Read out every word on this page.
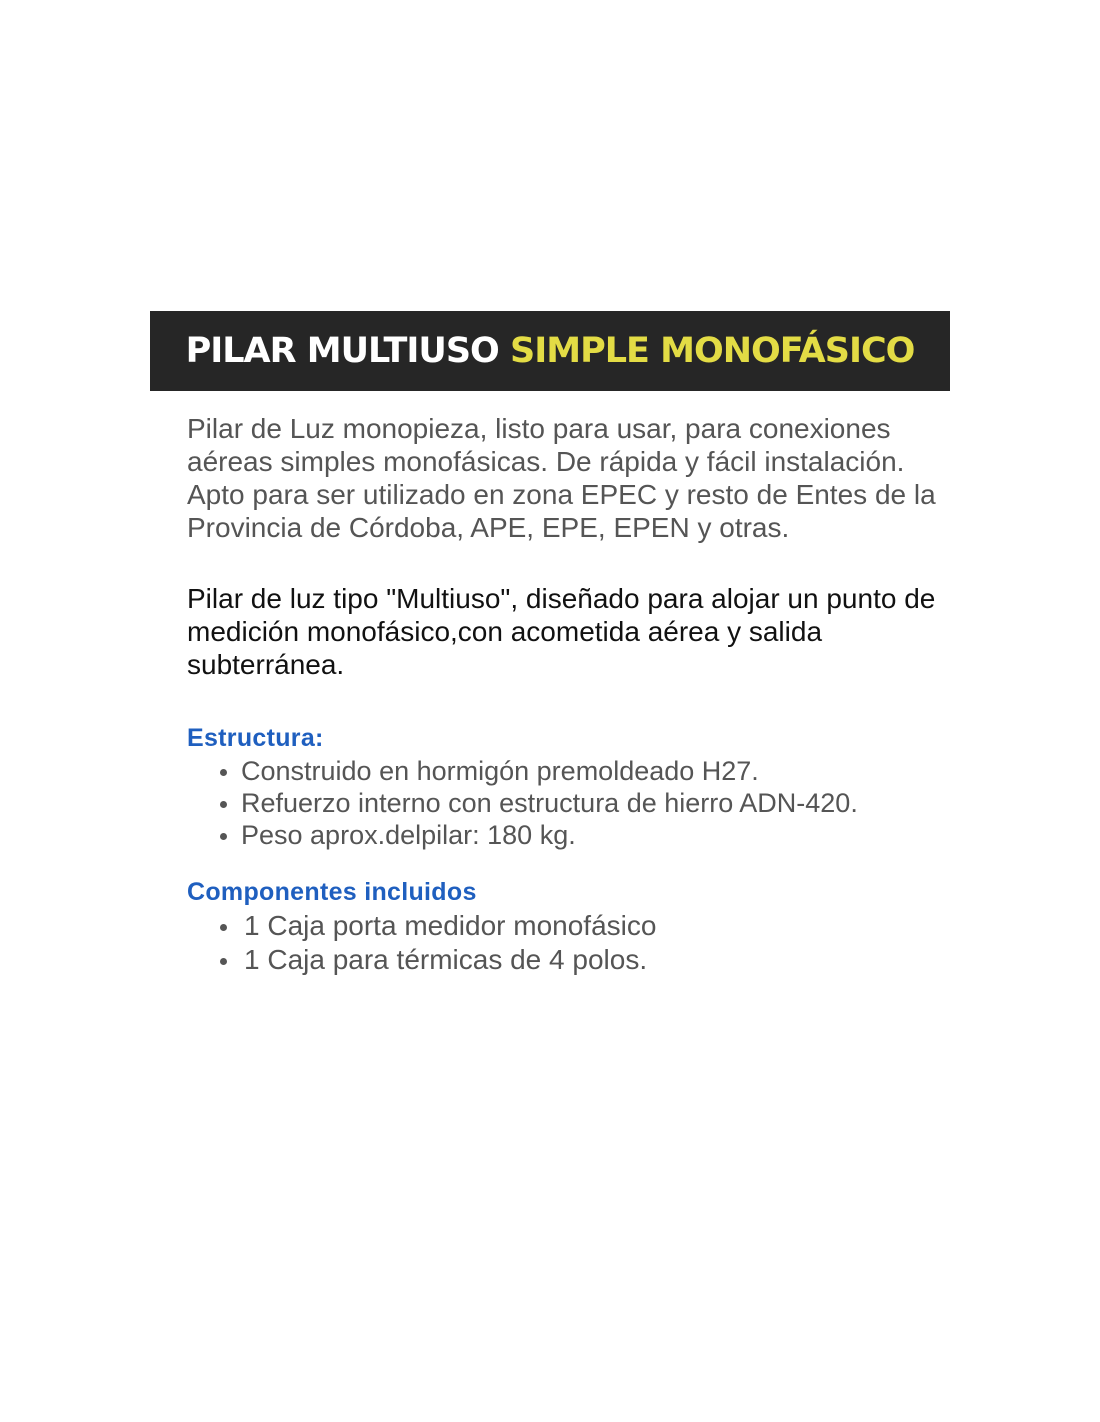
PILAR MULTIUSO SIMPLE MONOFÁSICO

Pilar de Luz monopieza, listo para usar, para conexiones aéreas simples monofásicas. De rápida y fácil instalación. Apto para ser utilizado en zona EPEC y resto de Entes de la Provincia de Córdoba, APE, EPE, EPEN y otras.

Pilar de luz tipo "Multiuso", diseñado para alojar un punto de medición monofásico,con acometida aérea y salida subterránea.

Estructura:
Construido en hormigón premoldeado H27.
Refuerzo interno con estructura de hierro ADN-420.
Peso aprox.delpilar: 180 kg.
Componentes incluidos
1 Caja porta medidor monofásico
1 Caja para térmicas de 4 polos.
